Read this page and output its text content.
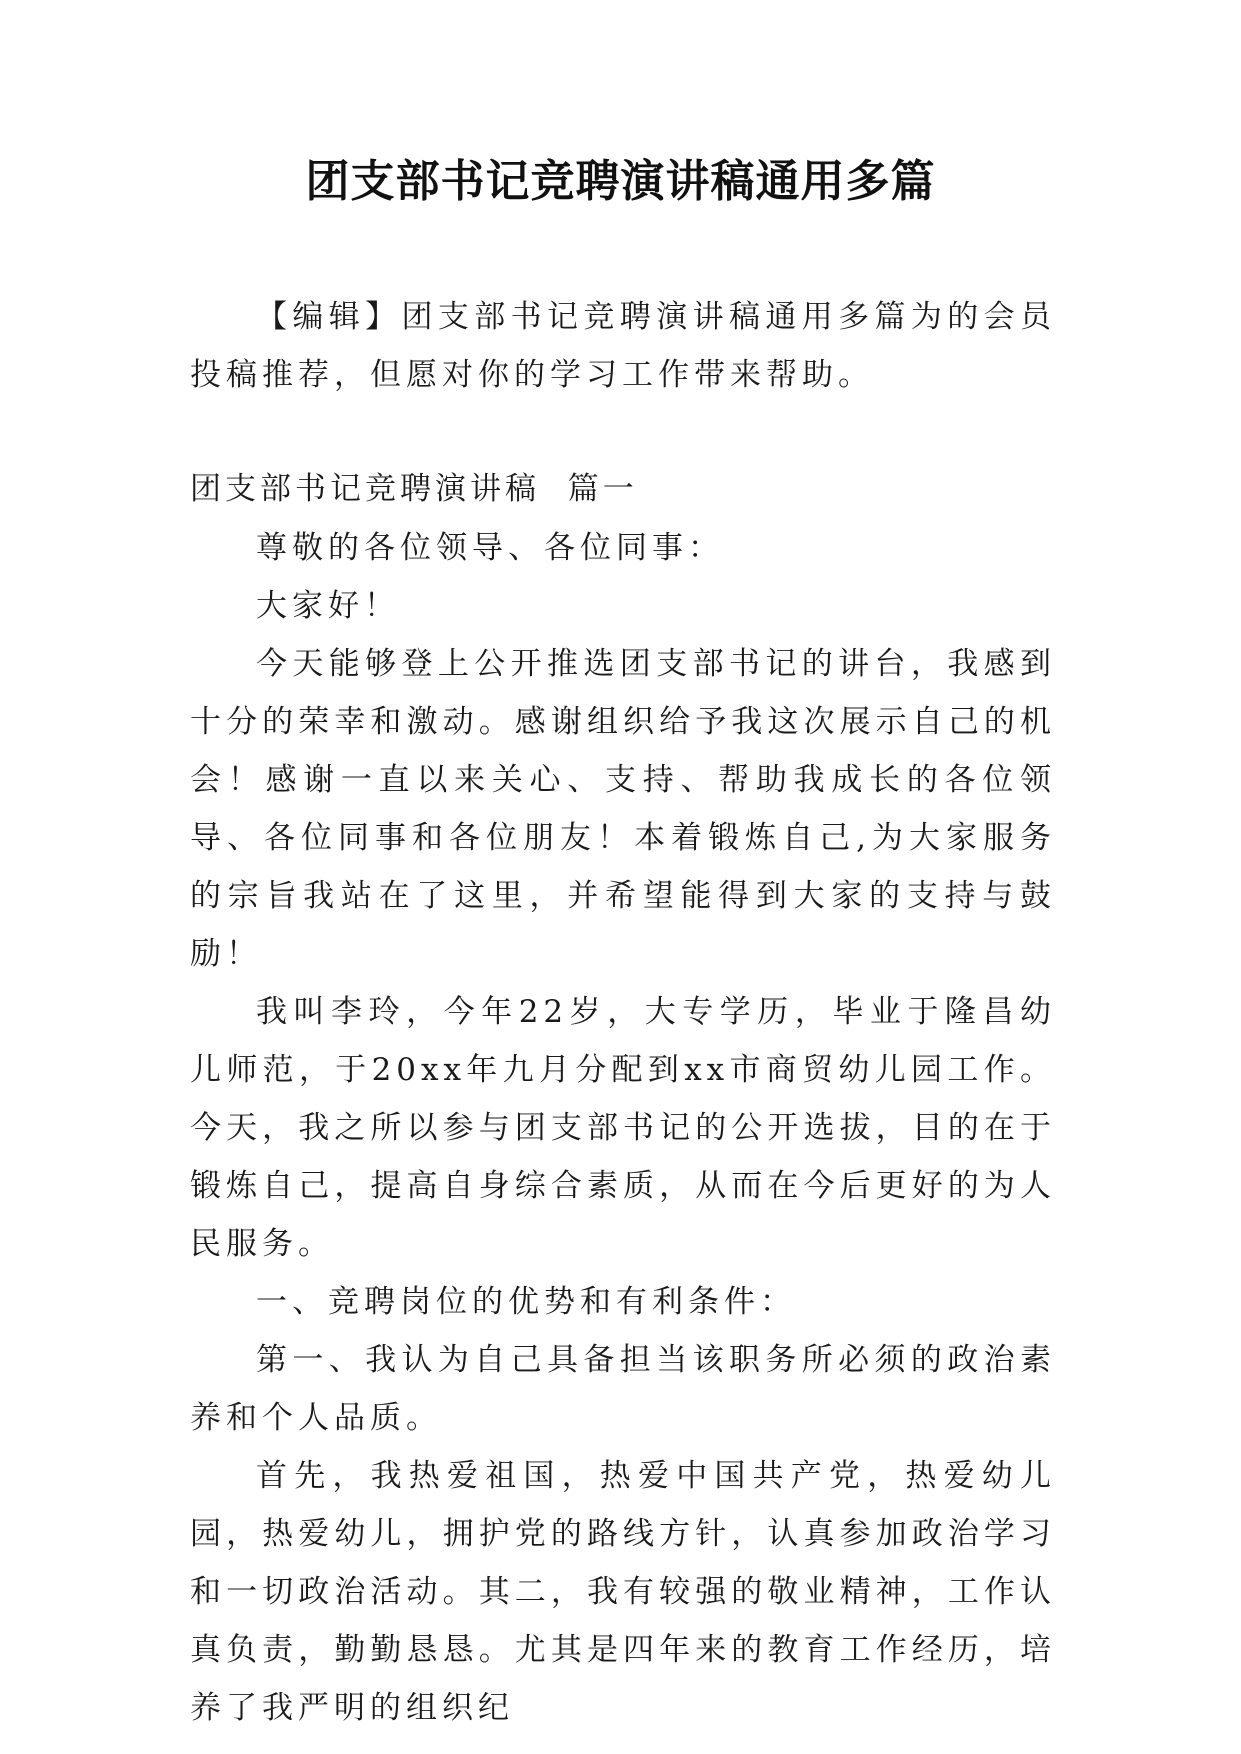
团支部书记竞聘演讲稿通用多篇
【编辑】团支部书记竞聘演讲稿通用多篇为的会员投稿推荐，但愿对你的学习工作带来帮助。
团支部书记竞聘演讲稿  篇一

尊敬的各位领导、各位同事：

大家好！

今天能够登上公开推选团支部书记的讲台，我感到十分的荣幸和激动。感谢组织给予我这次展示自己的机会！感谢一直以来关心、支持、帮助我成长的各位领导、各位同事和各位朋友！本着锻炼自己,为大家服务的宗旨我站在了这里，并希望能得到大家的支持与鼓励！

我叫李玲，今年22岁，大专学历，毕业于隆昌幼儿师范，于20xx年九月分配到xx市商贸幼儿园工作。今天，我之所以参与团支部书记的公开选拔，目的在于锻炼自己，提高自身综合素质，从而在今后更好的为人民服务。

一、竞聘岗位的优势和有利条件：

第一、我认为自己具备担当该职务所必须的政治素养和个人品质。

首先，我热爱祖国，热爱中国共产党，热爱幼儿园，热爱幼儿，拥护党的路线方针，认真参加政治学习和一切政治活动。其二，我有较强的敬业精神，工作认真负责，勤勤恳恳。尤其是四年来的教育工作经历，培养了我严明的组织纪
